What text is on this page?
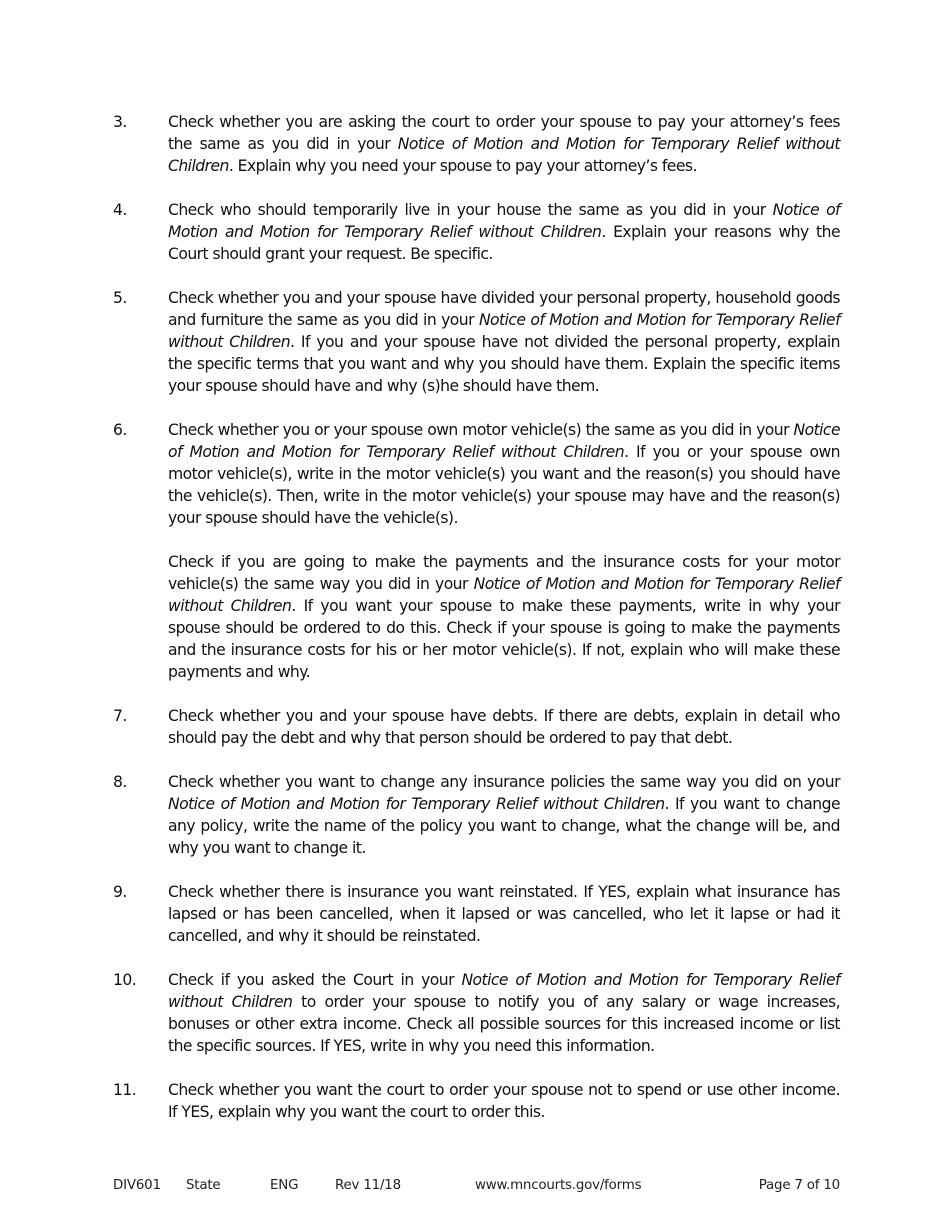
3.	Check whether you are asking the court to order your spouse to pay your attorney’s fees the same as you did in your Notice of Motion and Motion for Temporary Relief without Children. Explain why you need your spouse to pay your attorney’s fees.

4.	Check who should temporarily live in your house the same as you did in your Notice of Motion and Motion for Temporary Relief without Children. Explain your reasons why the Court should grant your request. Be specific.

5.	Check whether you and your spouse have divided your personal property, household goods and furniture the same as you did in your Notice of Motion and Motion for Temporary Relief without Children. If you and your spouse have not divided the personal property, explain the specific terms that you want and why you should have them. Explain the specific items your spouse should have and why (s)he should have them.

6.	Check whether you or your spouse own motor vehicle(s) the same as you did in your Notice of Motion and Motion for Temporary Relief without Children. If you or your spouse own motor vehicle(s), write in the motor vehicle(s) you want and the reason(s) you should have the vehicle(s). Then, write in the motor vehicle(s) your spouse may have and the reason(s) your spouse should have the vehicle(s).

Check if you are going to make the payments and the insurance costs for your motor vehicle(s) the same way you did in your Notice of Motion and Motion for Temporary Relief without Children. If you want your spouse to make these payments, write in why your spouse should be ordered to do this. Check if your spouse is going to make the payments and the insurance costs for his or her motor vehicle(s). If not, explain who will make these payments and why.

7.	Check whether you and your spouse have debts. If there are debts, explain in detail who should pay the debt and why that person should be ordered to pay that debt.

8.	Check whether you want to change any insurance policies the same way you did on your Notice of Motion and Motion for Temporary Relief without Children. If you want to change any policy, write the name of the policy you want to change, what the change will be, and why you want to change it.

9.	Check whether there is insurance you want reinstated. If YES, explain what insurance has lapsed or has been cancelled, when it lapsed or was cancelled, who let it lapse or had it cancelled, and why it should be reinstated.

10.	Check if you asked the Court in your Notice of Motion and Motion for Temporary Relief without Children to order your spouse to notify you of any salary or wage increases, bonuses or other extra income. Check all possible sources for this increased income or list the specific sources. If YES, write in why you need this information.

11.	Check whether you want the court to order your spouse not to spend or use other income. If YES, explain why you want the court to order this.

DIV601 State	ENG	Rev 11/18	www.mncourts.gov/forms	Page 7 of 10
